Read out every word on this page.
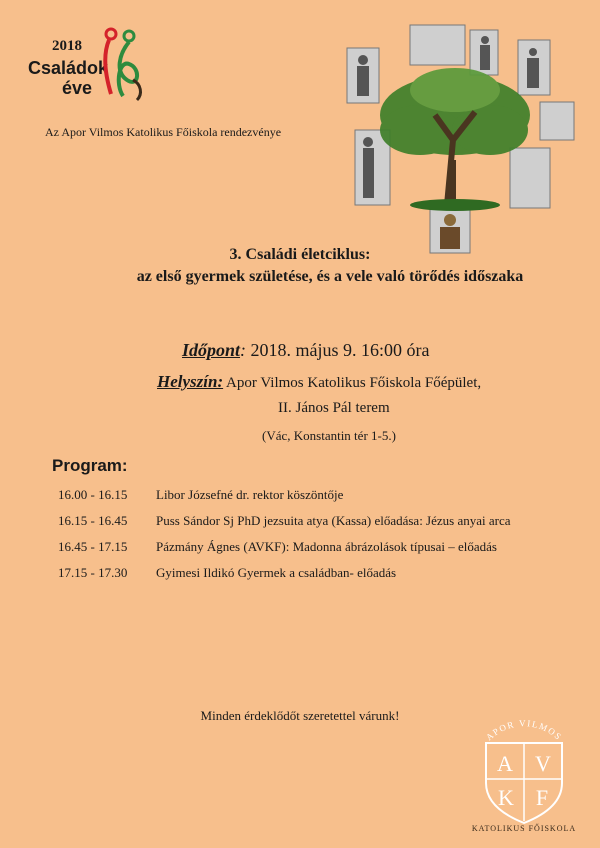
2018
Családok
éve
Az Apor Vilmos Katolikus Főiskola rendezvénye
3. Családi életciklus:
az első gyermek születése, és a vele való törődés időszaka
Időpont: 2018. május 9. 16:00 óra
Helyszín: Apor Vilmos Katolikus Főiskola Főépület,
II. János Pál terem
(Vác, Konstantin tér 1-5.)
Program:
16.00 - 16.15 Libor Józsefné dr. rektor köszöntője
16.15 - 16.45 Puss Sándor Sj PhD jezsuita atya (Kassa) előadása: Jézus anyai arca
16.45 - 17.15 Pázmány Ágnes (AVKF): Madonna ábrázolások típusai – előadás
17.15 - 17.30 Gyimesi Ildikó Gyermek a családban- előadás
Minden érdeklődőt szeretettel várunk!
APOR VILMOS
A V
K F
KATOLIKUS FŐISKOLA
